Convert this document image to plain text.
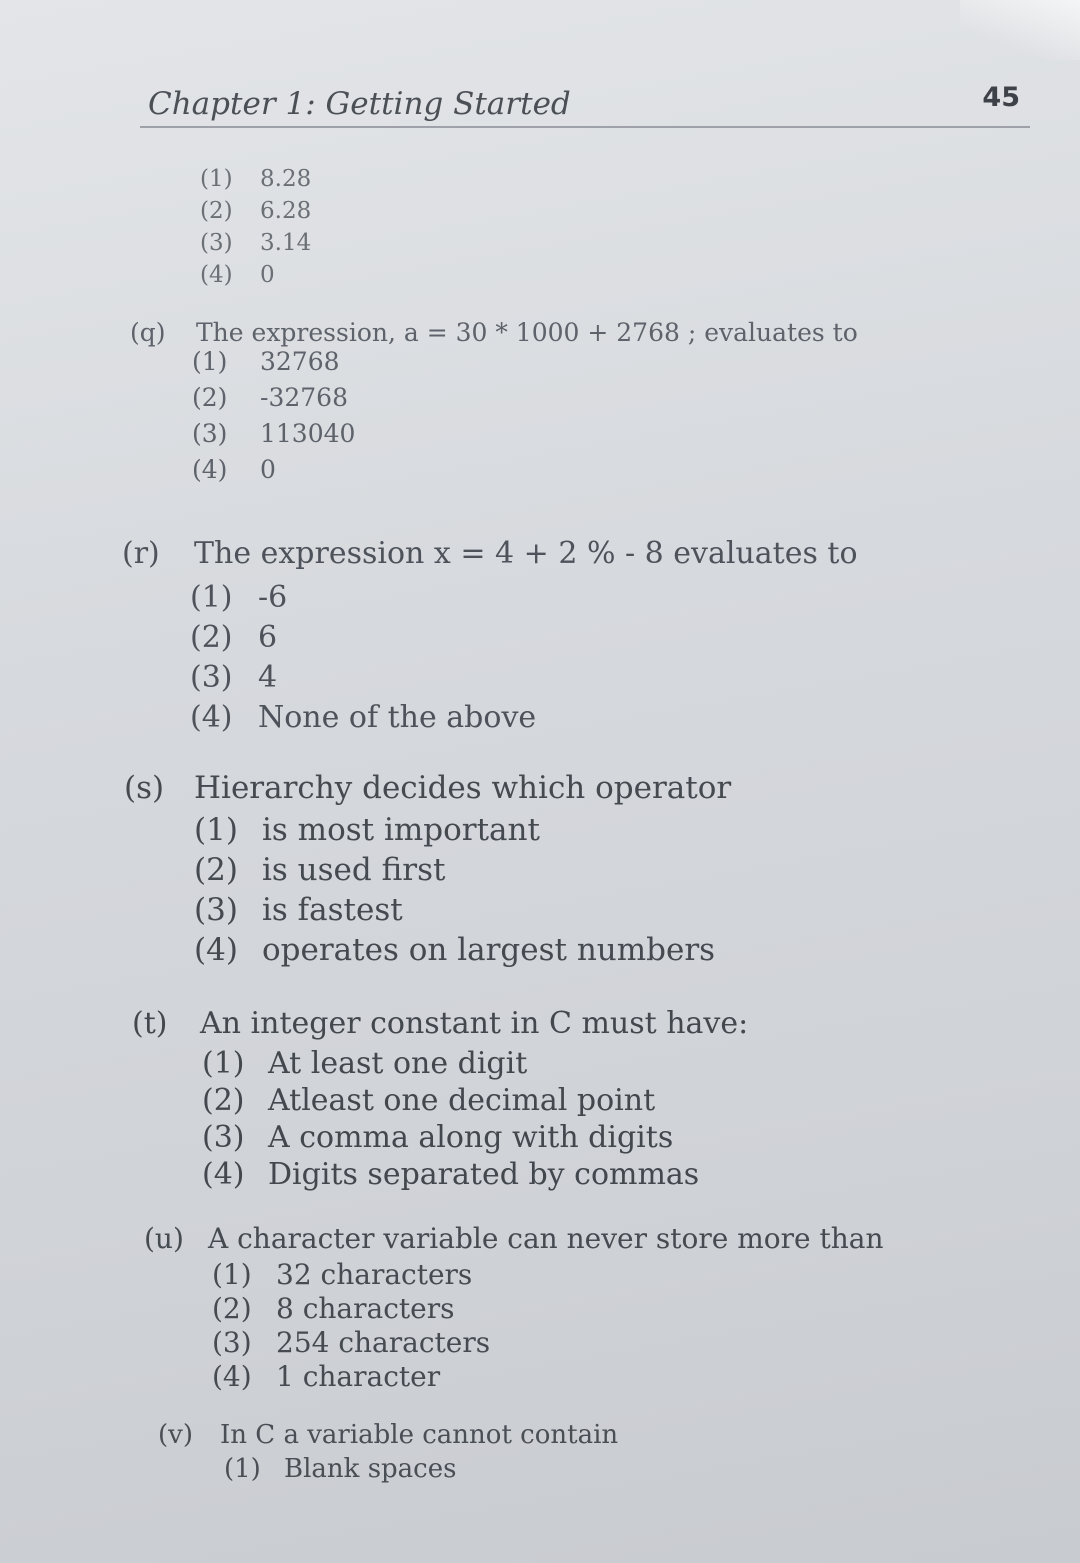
Chapter 1: Getting Started	45
(1) 8.28
(2) 6.28
(3) 3.14
(4) 0
(q) The expression, a = 30 * 1000 + 2768 ; evaluates to
(1) 32768
(2) -32768
(3) 113040
(4) 0
(r) The expression x = 4 + 2 % - 8 evaluates to
(1) -6
(2) 6
(3) 4
(4) None of the above
(s) Hierarchy decides which operator
(1) is most important
(2) is used first
(3) is fastest
(4) operates on largest numbers
(t) An integer constant in C must have:
(1) At least one digit
(2) Atleast one decimal point
(3) A comma along with digits
(4) Digits separated by commas
(u) A character variable can never store more than
(1) 32 characters
(2) 8 characters
(3) 254 characters
(4) 1 character
(v) In C a variable cannot contain
(1) Blank spaces
